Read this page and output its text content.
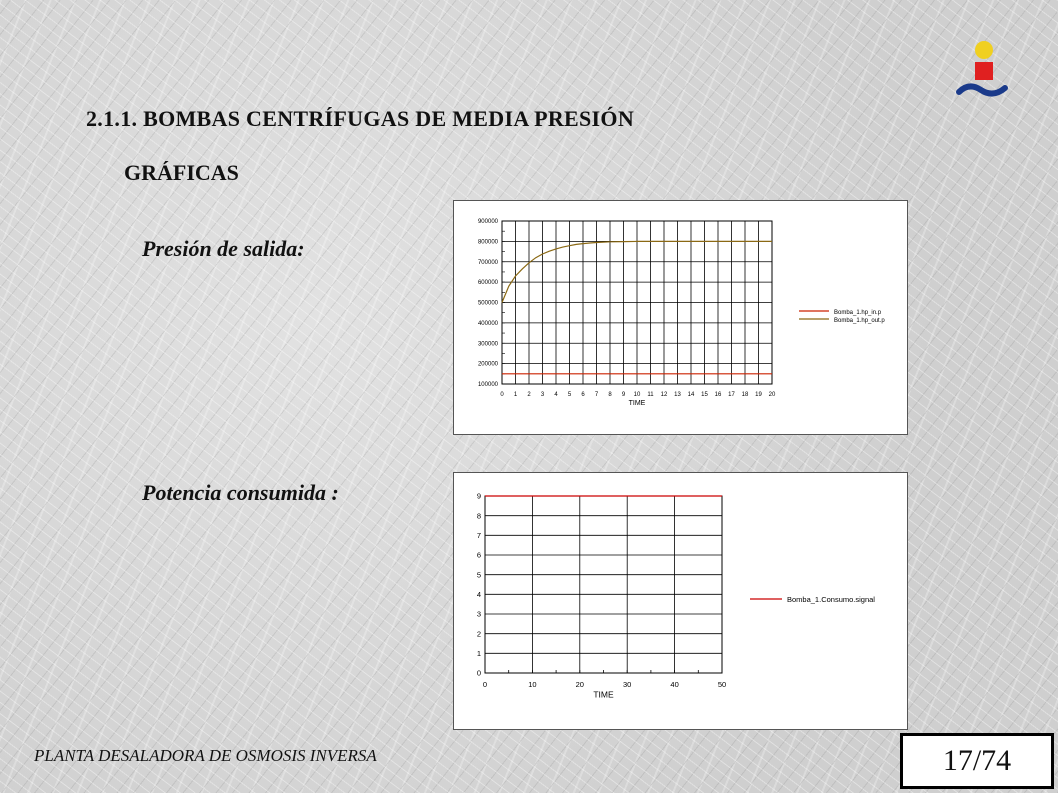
2.1.1. BOMBAS CENTRÍFUGAS DE MEDIA PRESIÓN
GRÁFICAS
Presión de salida:
Potencia consumida :
0 1 2 3 4 5 6 7 8 9 10 11 12 13 14 15 16 17 18 19 20
100000
200000
300000
400000
500000
600000
700000
800000
900000
TIME
Bomba_1.hp_in.p
Bomba_1.hp_out.p
0	10	20	30	40	50
0
1
2
3
4
5
6
7
8
9
TIME
Bomba_1.Consumo.signal
PLANTA DESALADORA DE OSMOSIS INVERSA	17/74
